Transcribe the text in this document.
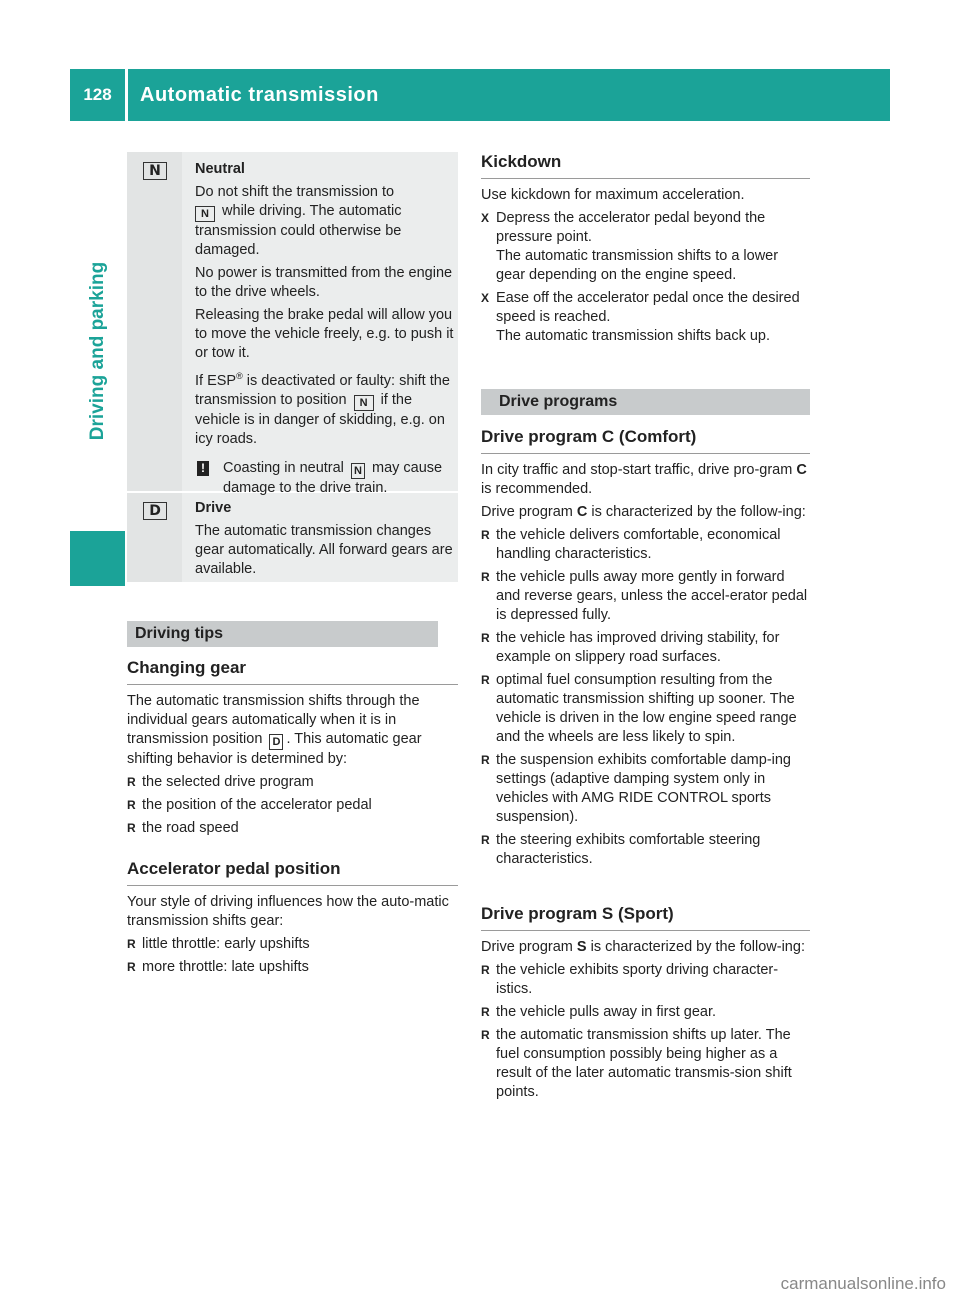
128	Automatic transmission
Driving and parking
N	Neutral

Do not shift the transmission to
N while driving. The automatic transmission could otherwise be damaged.

No power is transmitted from the engine to the drive wheels.

Releasing the brake pedal will allow you to move the vehicle freely, e.g. to push it or tow it.

If ESP® is deactivated or faulty: shift the transmission to position N if the vehicle is in danger of skidding, e.g. on icy roads.

! Coasting in neutral N may cause damage to the drive train.

D	Drive

The automatic transmission changes gear automatically. All forward gears are available.

Driving tips
Changing gear

The automatic transmission shifts through the individual gears automatically when it is in transmission position D . This automatic gear shifting behavior is determined by:

R the selected drive program
R the position of the accelerator pedal
R the road speed
Accelerator pedal position

Your style of driving influences how the auto-matic transmission shifts gear:

R little throttle: early upshifts
R more throttle: late upshifts
Kickdown

Use kickdown for maximum acceleration.

X Depress the accelerator pedal beyond the pressure point.
The automatic transmission shifts to a lower gear depending on the engine speed.
X Ease off the accelerator pedal once the desired speed is reached.
The automatic transmission shifts back up.
Drive programs
Drive program C (Comfort)

In city traffic and stop-start traffic, drive pro-gram C is recommended.

Drive program C is characterized by the follow-ing:

R the vehicle delivers comfortable, economical handling characteristics.
R the vehicle pulls away more gently in forward and reverse gears, unless the accel-erator pedal is depressed fully.
R the vehicle has improved driving stability, for example on slippery road surfaces.
R optimal fuel consumption resulting from the automatic transmission shifting up sooner. The vehicle is driven in the low engine speed range and the wheels are less likely to spin.
R the suspension exhibits comfortable damp-ing settings (adaptive damping system only in vehicles with AMG RIDE CONTROL sports suspension).
R the steering exhibits comfortable steering characteristics.
Drive program S (Sport)

Drive program S is characterized by the follow-ing:

R the vehicle exhibits sporty driving character-istics.
R the vehicle pulls away in first gear.
R the automatic transmission shifts up later. The fuel consumption possibly being higher as a result of the later automatic transmis-sion shift points.
carmanualsonline.info
